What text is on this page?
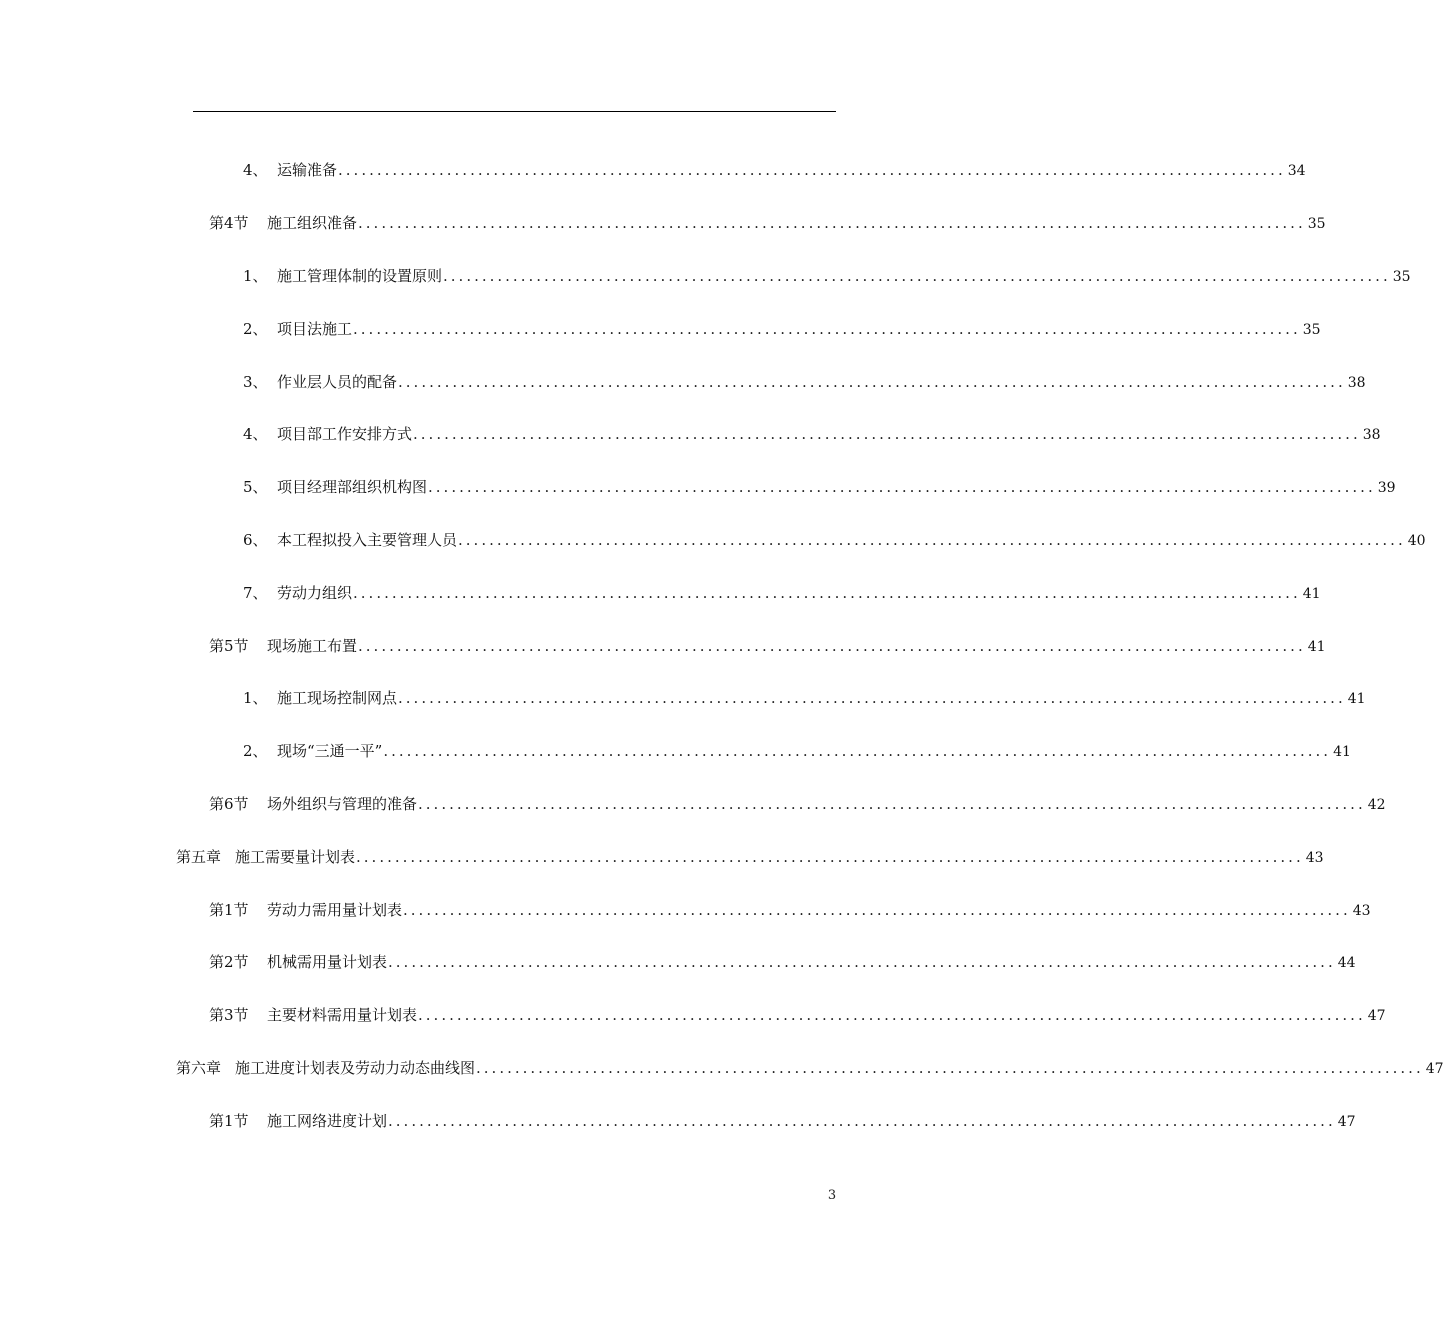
4、 运输准备 .......................................................................................................................... 34
第4节	施工组织准备 .......................................................................................................................... 35
1、 施工管理体制的设置原则 .......................................................................................................................... 35
2、 项目法施工 .......................................................................................................................... 35
3、 作业层人员的配备 .......................................................................................................................... 38
4、 项目部工作安排方式 .......................................................................................................................... 38
5、 项目经理部组织机构图 .......................................................................................................................... 39
6、 本工程拟投入主要管理人员 .......................................................................................................................... 40
7、 劳动力组织 .......................................................................................................................... 41
第5节	现场施工布置 .......................................................................................................................... 41
1、 施工现场控制网点 .......................................................................................................................... 41
2、 现场“三通一平” .......................................................................................................................... 41
第6节	场外组织与管理的准备 .......................................................................................................................... 42
第五章 施工需要量计划表 .......................................................................................................................... 43
第1节	劳动力需用量计划表 .......................................................................................................................... 43
第2节	机械需用量计划表 .......................................................................................................................... 44
第3节	主要材料需用量计划表 .......................................................................................................................... 47
第六章 施工进度计划表及劳动力动态曲线图 .......................................................................................................................... 47
第1节	施工网络进度计划 .......................................................................................................................... 47
3
